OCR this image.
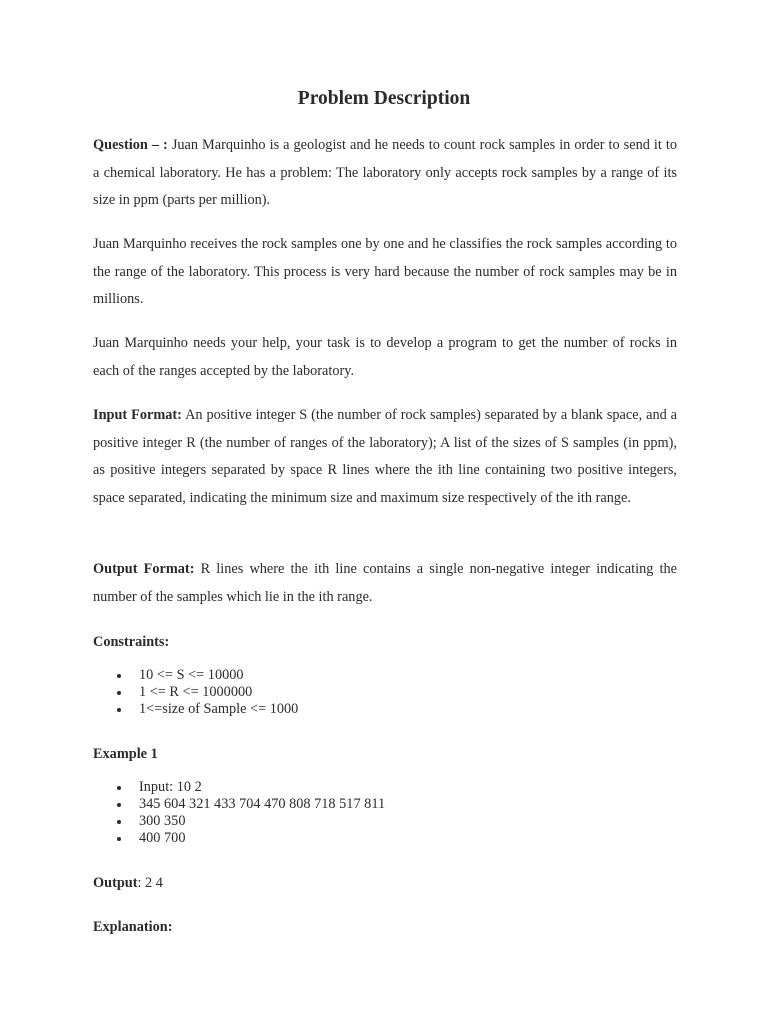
Problem Description

Question – : Juan Marquinho is a geologist and he needs to count rock samples in order to send it to a chemical laboratory. He has a problem: The laboratory only accepts rock samples by a range of its size in ppm (parts per million).

Juan Marquinho receives the rock samples one by one and he classifies the rock samples according to the range of the laboratory. This process is very hard because the number of rock samples may be in millions.

Juan Marquinho needs your help, your task is to develop a program to get the number of rocks in each of the ranges accepted by the laboratory.

Input Format: An positive integer S (the number of rock samples) separated by a blank space, and a positive integer R (the number of ranges of the laboratory); A list of the sizes of S samples (in ppm), as positive integers separated by space R lines where the ith line containing two positive integers, space separated, indicating the minimum size and maximum size respectively of the ith range.

Output Format: R lines where the ith line contains a single non-negative integer indicating the number of the samples which lie in the ith range.

Constraints:
10 <= S <= 10000
1 <= R <= 1000000
1<=size of Sample <= 1000
Example 1
Input: 10 2
345 604 321 433 704 470 808 718 517 811
300 350
400 700
Output: 2 4
Explanation:
